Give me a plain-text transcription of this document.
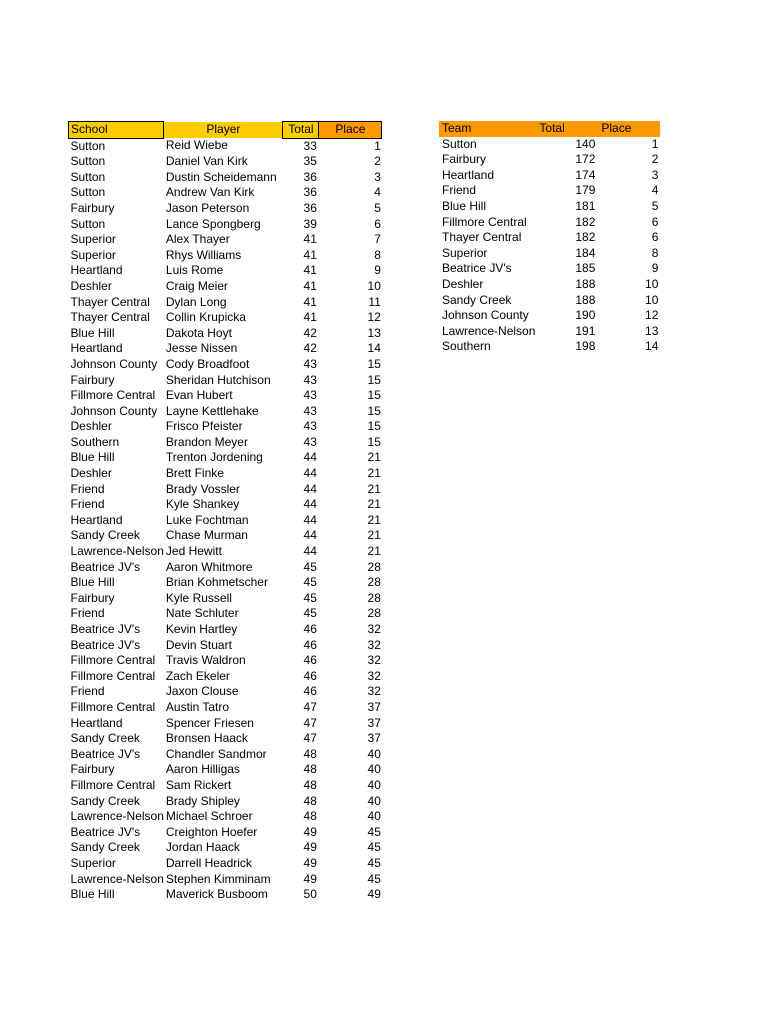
School	Player	Total	Place
Sutton	Reid Wiebe	33	1
Sutton	Daniel Van Kirk	35	2
Sutton	Dustin Scheidemann	36	3
Sutton	Andrew Van Kirk	36	4
Fairbury	Jason Peterson	36	5
Sutton	Lance Spongberg	39	6
Superior	Alex Thayer	41	7
Superior	Rhys Williams	41	8
Heartland	Luis Rome	41	9
Deshler	Craig Meier	41	10
Thayer Central	Dylan Long	41	11
Thayer Central	Collin Krupicka	41	12
Blue Hill	Dakota Hoyt	42	13
Heartland	Jesse Nissen	42	14
Johnson County	Cody Broadfoot	43	15
Fairbury	Sheridan Hutchison	43	15
Fillmore Central	Evan Hubert	43	15
Johnson County	Layne Kettlehake	43	15
Deshler	Frisco Pfeister	43	15
Southern	Brandon Meyer	43	15
Blue Hill	Trenton Jordening	44	21
Deshler	Brett Finke	44	21
Friend	Brady Vossler	44	21
Friend	Kyle Shankey	44	21
Heartland	Luke Fochtman	44	21
Sandy Creek	Chase Murman	44	21
Lawrence-Nelson	Jed Hewitt	44	21
Beatrice JV's	Aaron Whitmore	45	28
Blue Hill	Brian Kohmetscher	45	28
Fairbury	Kyle Russell	45	28
Friend	Nate Schluter	45	28
Beatrice JV's	Kevin Hartley	46	32
Beatrice JV's	Devin Stuart	46	32
Fillmore Central	Travis Waldron	46	32
Fillmore Central	Zach Ekeler	46	32
Friend	Jaxon Clouse	46	32
Fillmore Central	Austin Tatro	47	37
Heartland	Spencer Friesen	47	37
Sandy Creek	Bronsen Haack	47	37
Beatrice JV's	Chandler Sandmor	48	40
Fairbury	Aaron Hilligas	48	40
Fillmore Central	Sam Rickert	48	40
Sandy Creek	Brady Shipley	48	40
Lawrence-Nelson	Michael Schroer	48	40
Beatrice JV's	Creighton Hoefer	49	45
Sandy Creek	Jordan Haack	49	45
Superior	Darrell Headrick	49	45
Lawrence-Nelson	Stephen Kimminam	49	45
Blue Hill	Maverick Busboom	50	49
Team	Total	Place
Sutton	140	1
Fairbury	172	2
Heartland	174	3
Friend	179	4
Blue Hill	181	5
Fillmore Central	182	6
Thayer Central	182	6
Superior	184	8
Beatrice JV's	185	9
Deshler	188	10
Sandy Creek	188	10
Johnson County	190	12
Lawrence-Nelson	191	13
Southern	198	14
